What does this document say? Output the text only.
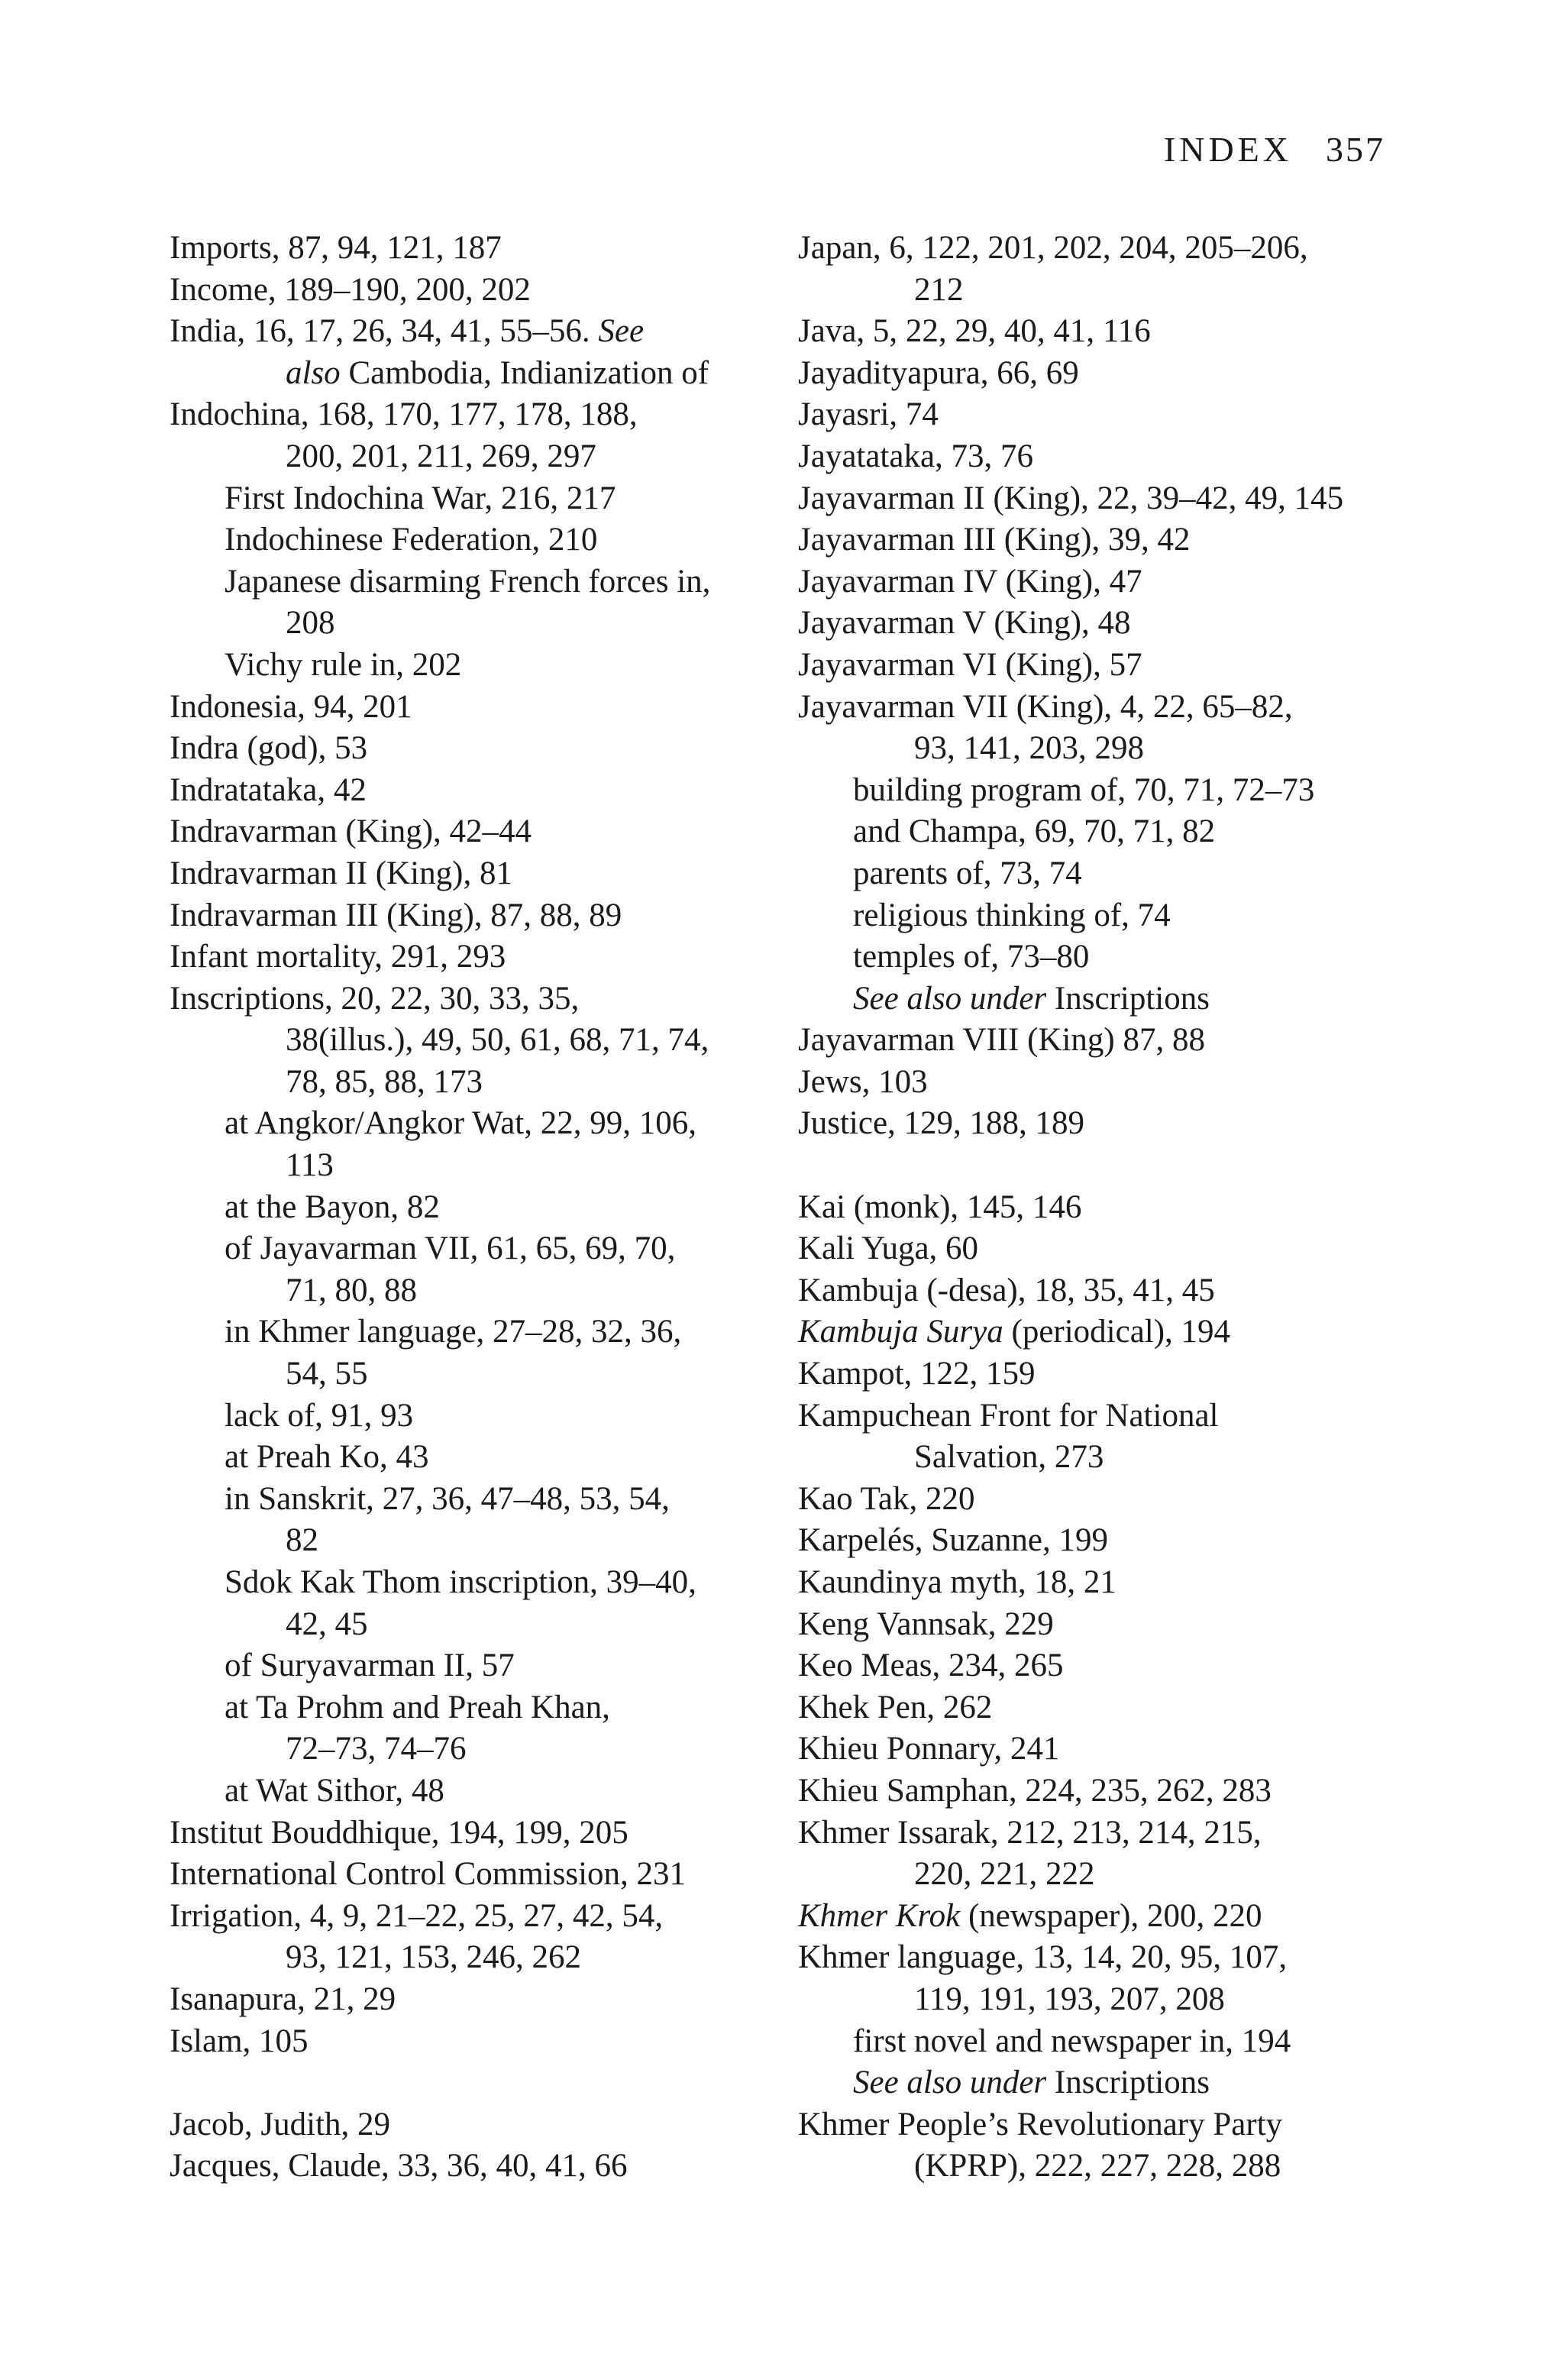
INDEX 357
Imports, 87, 94, 121, 187
Income, 189–190, 200, 202
India, 16, 17, 26, 34, 41, 55–56. See
also Cambodia, Indianization of
Indochina, 168, 170, 177, 178, 188,
200, 201, 211, 269, 297
First Indochina War, 216, 217
Indochinese Federation, 210
Japanese disarming French forces in,
208
Vichy rule in, 202
Indonesia, 94, 201
Indra (god), 53
Indratataka, 42
Indravarman (King), 42–44
Indravarman II (King), 81
Indravarman III (King), 87, 88, 89
Infant mortality, 291, 293
Inscriptions, 20, 22, 30, 33, 35,
38(illus.), 49, 50, 61, 68, 71, 74,
78, 85, 88, 173
at Angkor/Angkor Wat, 22, 99, 106,
113
at the Bayon, 82
of Jayavarman VII, 61, 65, 69, 70,
71, 80, 88
in Khmer language, 27–28, 32, 36,
54, 55
lack of, 91, 93
at Preah Ko, 43
in Sanskrit, 27, 36, 47–48, 53, 54,
82
Sdok Kak Thom inscription, 39–40,
42, 45
of Suryavarman II, 57
at Ta Prohm and Preah Khan,
72–73, 74–76
at Wat Sithor, 48
Institut Bouddhique, 194, 199, 205
International Control Commission, 231
Irrigation, 4, 9, 21–22, 25, 27, 42, 54,
93, 121, 153, 246, 262
Isanapura, 21, 29
Islam, 105
Jacob, Judith, 29
Jacques, Claude, 33, 36, 40, 41, 66
Japan, 6, 122, 201, 202, 204, 205–206,
212
Java, 5, 22, 29, 40, 41, 116
Jayadityapura, 66, 69
Jayasri, 74
Jayatataka, 73, 76
Jayavarman II (King), 22, 39–42, 49, 145
Jayavarman III (King), 39, 42
Jayavarman IV (King), 47
Jayavarman V (King), 48
Jayavarman VI (King), 57
Jayavarman VII (King), 4, 22, 65–82,
93, 141, 203, 298
building program of, 70, 71, 72–73
and Champa, 69, 70, 71, 82
parents of, 73, 74
religious thinking of, 74
temples of, 73–80
See also under Inscriptions
Jayavarman VIII (King) 87, 88
Jews, 103
Justice, 129, 188, 189
Kai (monk), 145, 146
Kali Yuga, 60
Kambuja (-desa), 18, 35, 41, 45
Kambuja Surya (periodical), 194
Kampot, 122, 159
Kampuchean Front for National
Salvation, 273
Kao Tak, 220
Karpelés, Suzanne, 199
Kaundinya myth, 18, 21
Keng Vannsak, 229
Keo Meas, 234, 265
Khek Pen, 262
Khieu Ponnary, 241
Khieu Samphan, 224, 235, 262, 283
Khmer Issarak, 212, 213, 214, 215,
220, 221, 222
Khmer Krok (newspaper), 200, 220
Khmer language, 13, 14, 20, 95, 107,
119, 191, 193, 207, 208
first novel and newspaper in, 194
See also under Inscriptions
Khmer People’s Revolutionary Party
(KPRP), 222, 227, 228, 288
